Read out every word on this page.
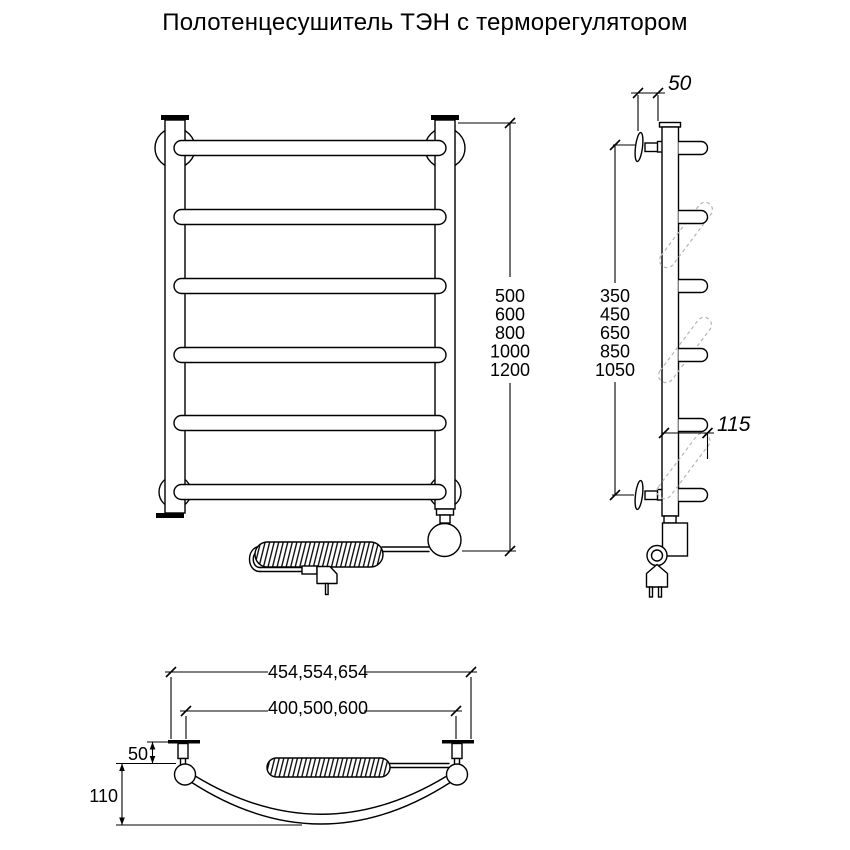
Полотенцесушитель ТЭН с терморегулятором
500
600
800
1000
1200
350
450
650
850
1050
50
115
454,554,654
400,500,600
50
110
